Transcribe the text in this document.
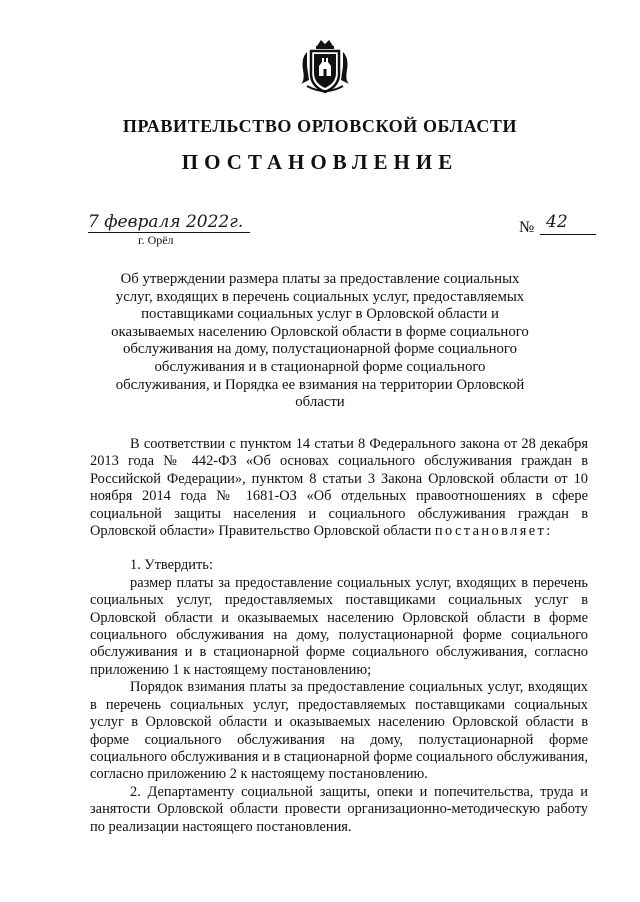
ПРАВИТЕЛЬСТВО ОРЛОВСКОЙ ОБЛАСТИ
ПОСТАНОВЛЕНИЕ
7 февраля 2022г.
г. Орёл
№ 42
Об утверждении размера платы за предоставление социальных услуг, входящих в перечень социальных услуг, предоставляемых поставщиками социальных услуг в Орловской области и оказываемых населению Орловской области в форме социального обслуживания на дому, полустационарной форме социального обслуживания и в стационарной форме социального обслуживания, и Порядка ее взимания на территории Орловской области

В соответствии с пунктом 14 статьи 8 Федерального закона от 28 декабря 2013 года № 442-ФЗ «Об основах социального обслуживания граждан в Российской Федерации», пунктом 8 статьи 3 Закона Орловской области от 10 ноября 2014 года № 1681-ОЗ «Об отдельных правоотношениях в сфере социальной защиты населения и социального обслуживания граждан в Орловской области» Правительство Орловской области постановляет:

1. Утвердить:

размер платы за предоставление социальных услуг, входящих в перечень социальных услуг, предоставляемых поставщиками социальных услуг в Орловской области и оказываемых населению Орловской области в форме социального обслуживания на дому, полустационарной форме социального обслуживания и в стационарной форме социального обслуживания, согласно приложению 1 к настоящему постановлению;

Порядок взимания платы за предоставление социальных услуг, входящих в перечень социальных услуг, предоставляемых поставщиками социальных услуг в Орловской области и оказываемых населению Орловской области в форме социального обслуживания на дому, полустационарной форме социального обслуживания и в стационарной форме социального обслуживания, согласно приложению 2 к настоящему постановлению.

2. Департаменту социальной защиты, опеки и попечительства, труда и занятости Орловской области провести организационно-методическую работу по реализации настоящего постановления.
